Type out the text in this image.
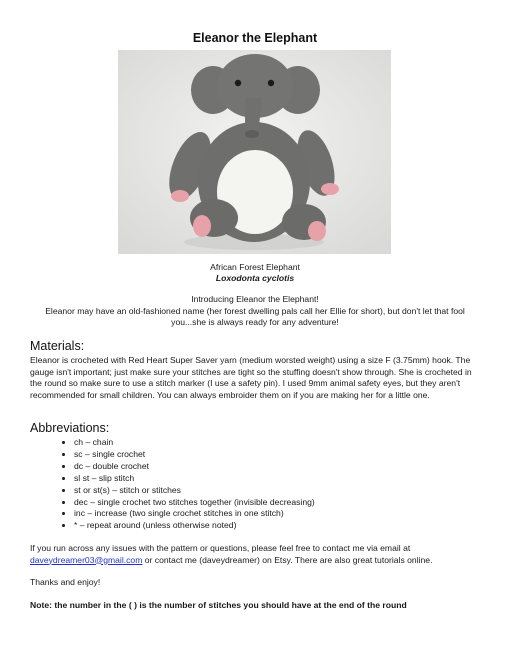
Eleanor the Elephant
African Forest Elephant
Loxodonta cyclotis
Introducing Eleanor the Elephant!
Eleanor may have an old-fashioned name (her forest dwelling pals call her Ellie for short), but don't let that fool you...she is always ready for any adventure!
Materials:

Eleanor is crocheted with Red Heart Super Saver yarn (medium worsted weight) using a size F (3.75mm) hook. The gauge isn't important; just make sure your stitches are tight so the stuffing doesn't show through. She is crocheted in the round so make sure to use a stitch marker (I use a safety pin). I used 9mm animal safety eyes, but they aren't recommended for small children. You can always embroider them on if you are making her for a little one.

Abbreviations:
• ch – chain
• sc – single crochet
• dc – double crochet
• sl st – slip stitch
• st or st(s) – stitch or stitches
• dec – single crochet two stitches together (invisible decreasing)
• inc – increase (two single crochet stitches in one stitch)
• * – repeat around (unless otherwise noted)

If you run across any issues with the pattern or questions, please feel free to contact me via email at daveydreamer03@gmail.com or contact me (daveydreamer) on Etsy. There are also great tutorials online.

Thanks and enjoy!

Note: the number in the ( ) is the number of stitches you should have at the end of the round
